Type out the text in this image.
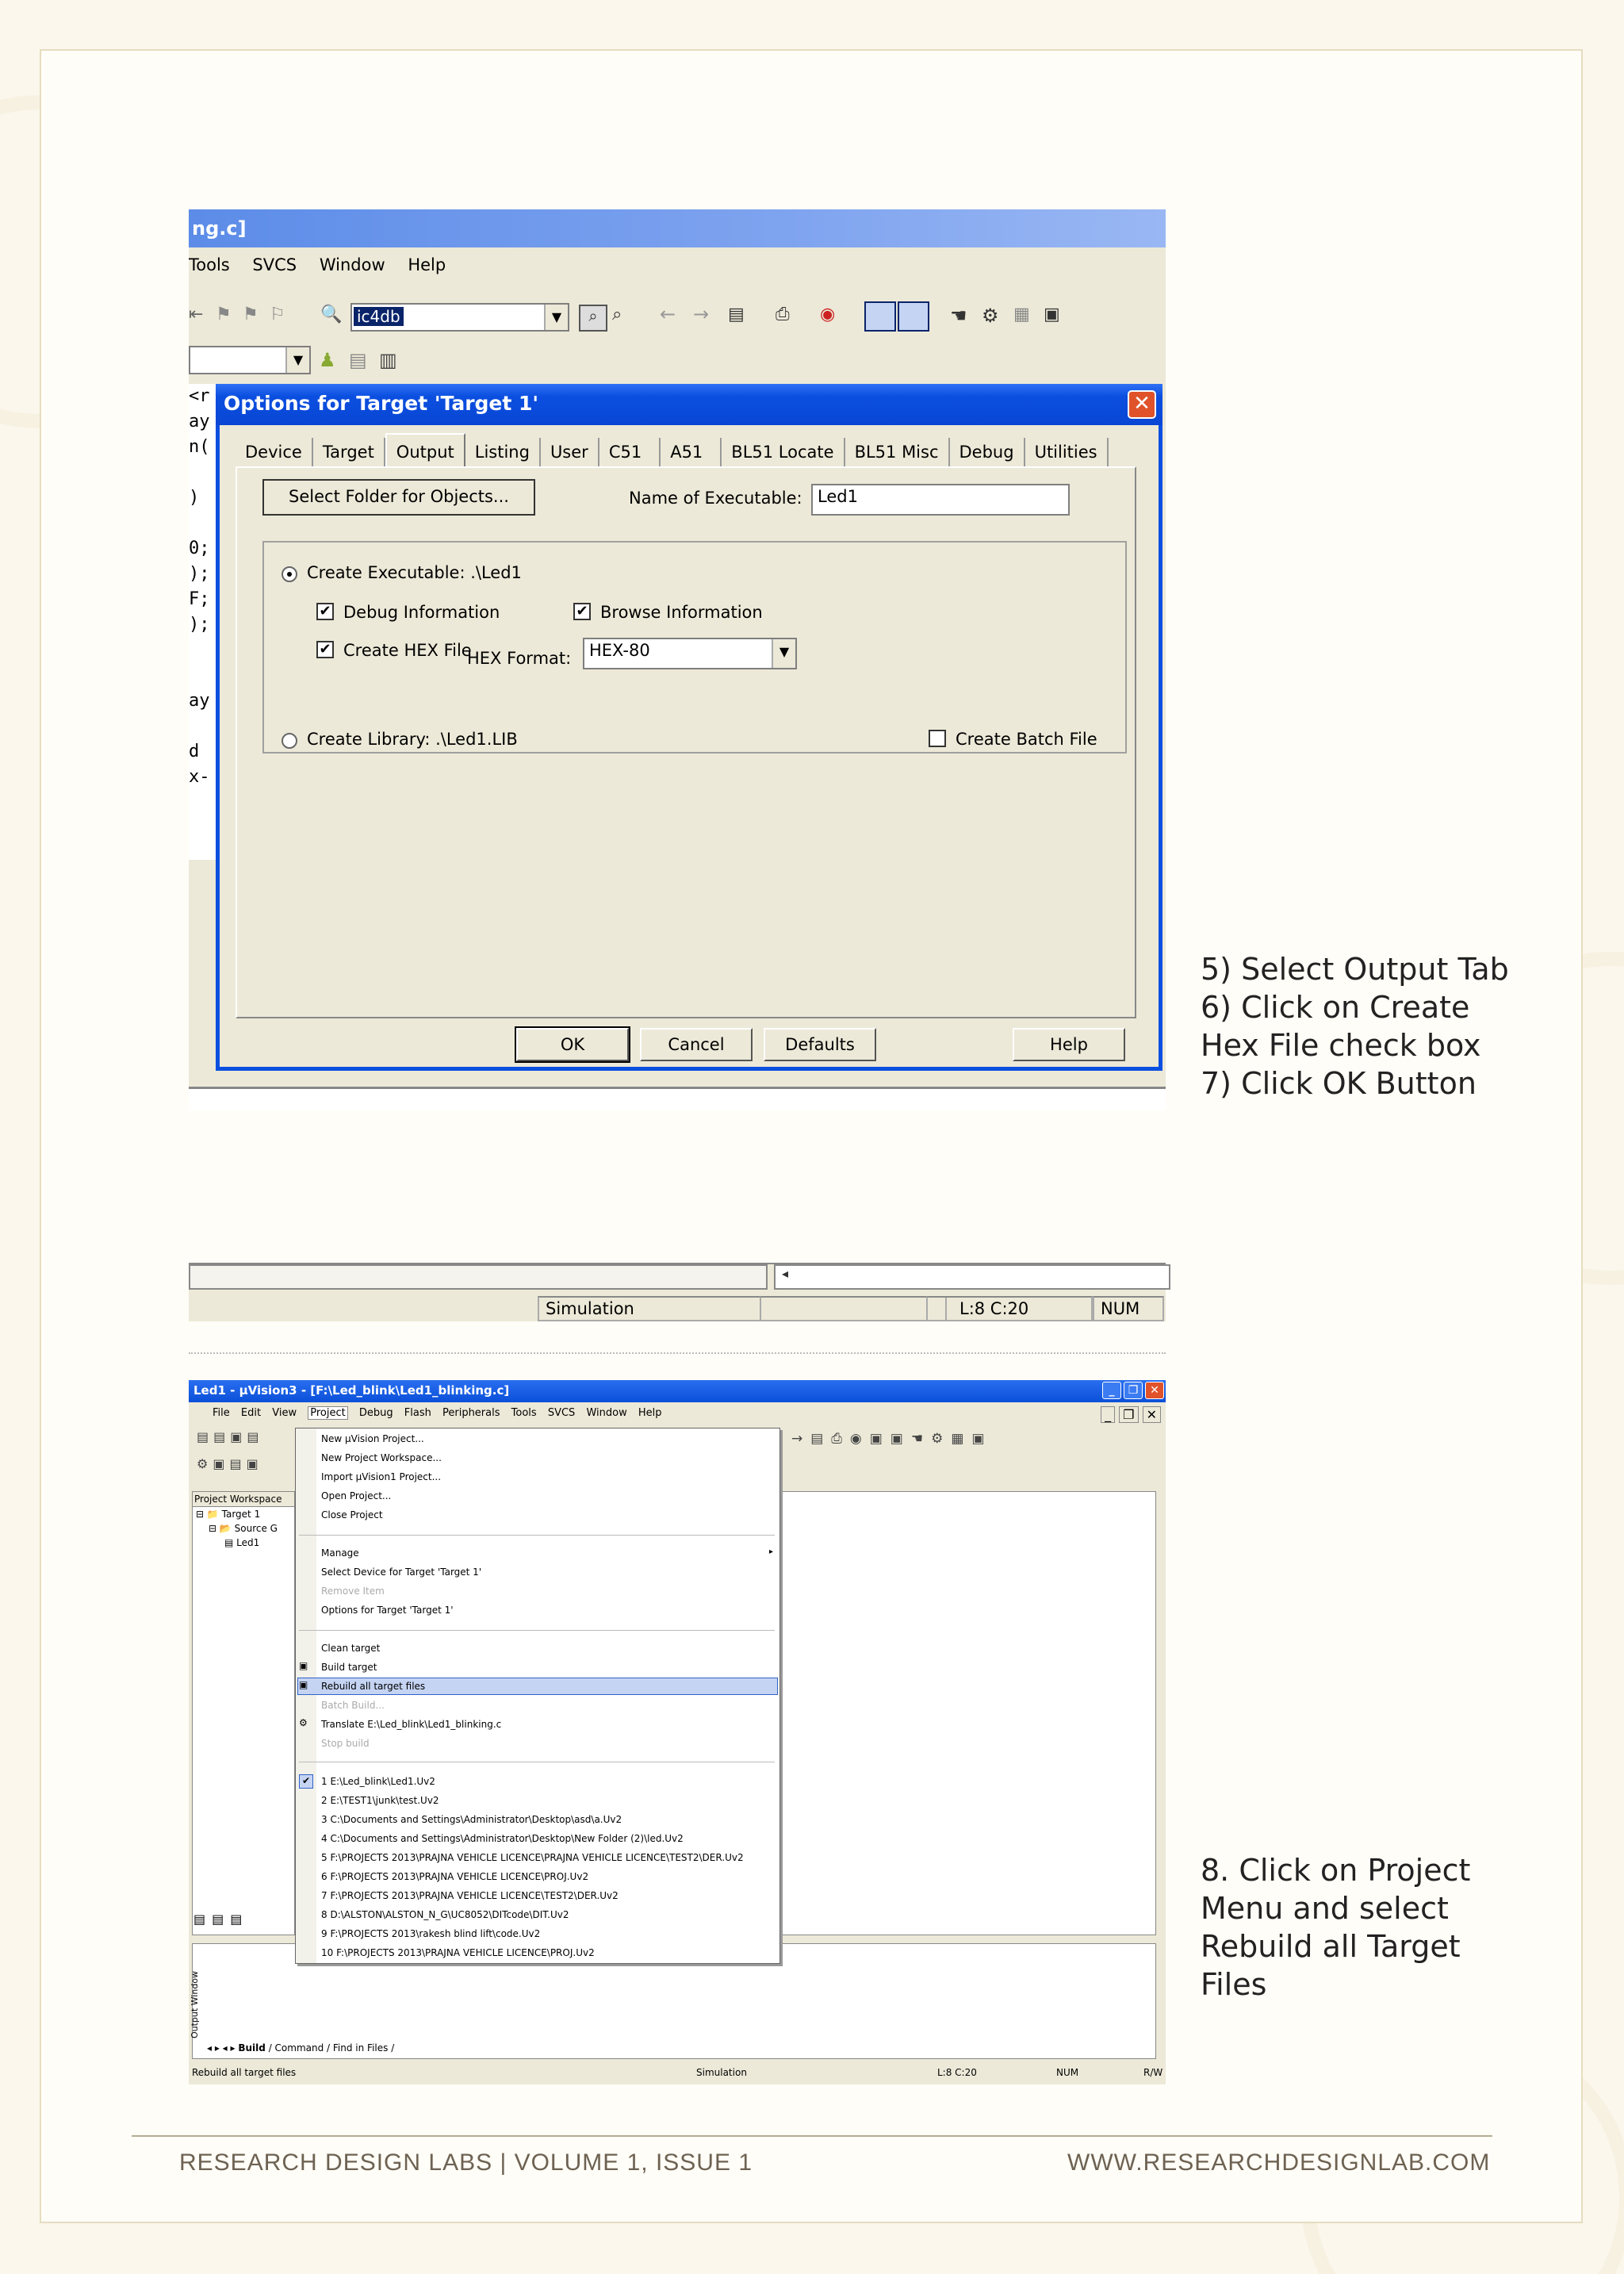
ng.c]
Tools SVCS Window Help
⇤ ⚑ ⚑ ⚐	🔍	⌕ ⌕	← →	▤	⎙	◉	☚ ⚙ ▦ ▣
ic4db	▼
▼ ♟ ▤ ▥
<r
ay
n(
)
0;
);
F;
);
ay
d
x-
Options for Target 'Target 1'	✕
Device	Target	Output	Listing	User	C51	A51	BL51 Locate	BL51 Misc	Debug	Utilities
Select Folder for Objects...	Name of Executable: Led1
Create Executable: .\Led1
✔ Debug Information	✔ Browse Information
✔ Create HEX File
HEX Format:	HEX-80	▼
Create Library: .\Led1.LIB	Create Batch File
OK	Cancel	Defaults	Help
5) Select Output Tab
6) Click on Create
Hex File check box
7) Click OK Button
◂
Simulation	L:8 C:20	NUM
Led1 - µVision3 - [F:\Led_blink\Led1_blinking.c]	_	❐	✕
File Edit View Project Debug Flash Peripherals Tools SVCS Window Help	_ ❐ ✕
▤▤▣▤
⚙▣▤▣
→▤⎙◉▣▣☚⚙▦▣
Project Workspace
⊟ 📁 Target 1
⊟ 📂 Source G
▤ Led1
▤▤▤
Output Window
◂ ▸ ◂ ▸ Build / Command / Find in Files /
Rebuild all target files	Simulation	L:8 C:20	NUM	R/W
New µVision Project...
New Project Workspace...
Import µVision1 Project...
Open Project...
Close Project
Manage	▸
Select Device for Target 'Target 1'
Remove Item
Options for Target 'Target 1'
Clean target
▣ Build target
▣ Rebuild all target files
Batch Build...
⚙ Translate E:\Led_blink\Led1_blinking.c
Stop build
✔	1 E:\Led_blink\Led1.Uv2
2 E:\TEST1\junk\test.Uv2
3 C:\Documents and Settings\Administrator\Desktop\asd\a.Uv2
4 C:\Documents and Settings\Administrator\Desktop\New Folder (2)\led.Uv2
5 F:\PROJECTS 2013\PRAJNA VEHICLE LICENCE\PRAJNA VEHICLE LICENCE\TEST2\DER.Uv2
6 F:\PROJECTS 2013\PRAJNA VEHICLE LICENCE\PROJ.Uv2
7 F:\PROJECTS 2013\PRAJNA VEHICLE LICENCE\TEST2\DER.Uv2
8 D:\ALSTON\ALSTON_N_G\UC8052\DITcode\DIT.Uv2
9 F:\PROJECTS 2013\rakesh blind lift\code.Uv2
10 F:\PROJECTS 2013\PRAJNA VEHICLE LICENCE\PROJ.Uv2
8. Click on Project
Menu and select
Rebuild all Target
Files
RESEARCH DESIGN LABS | VOLUME 1, ISSUE 1	WWW.RESEARCHDESIGNLAB.COM
